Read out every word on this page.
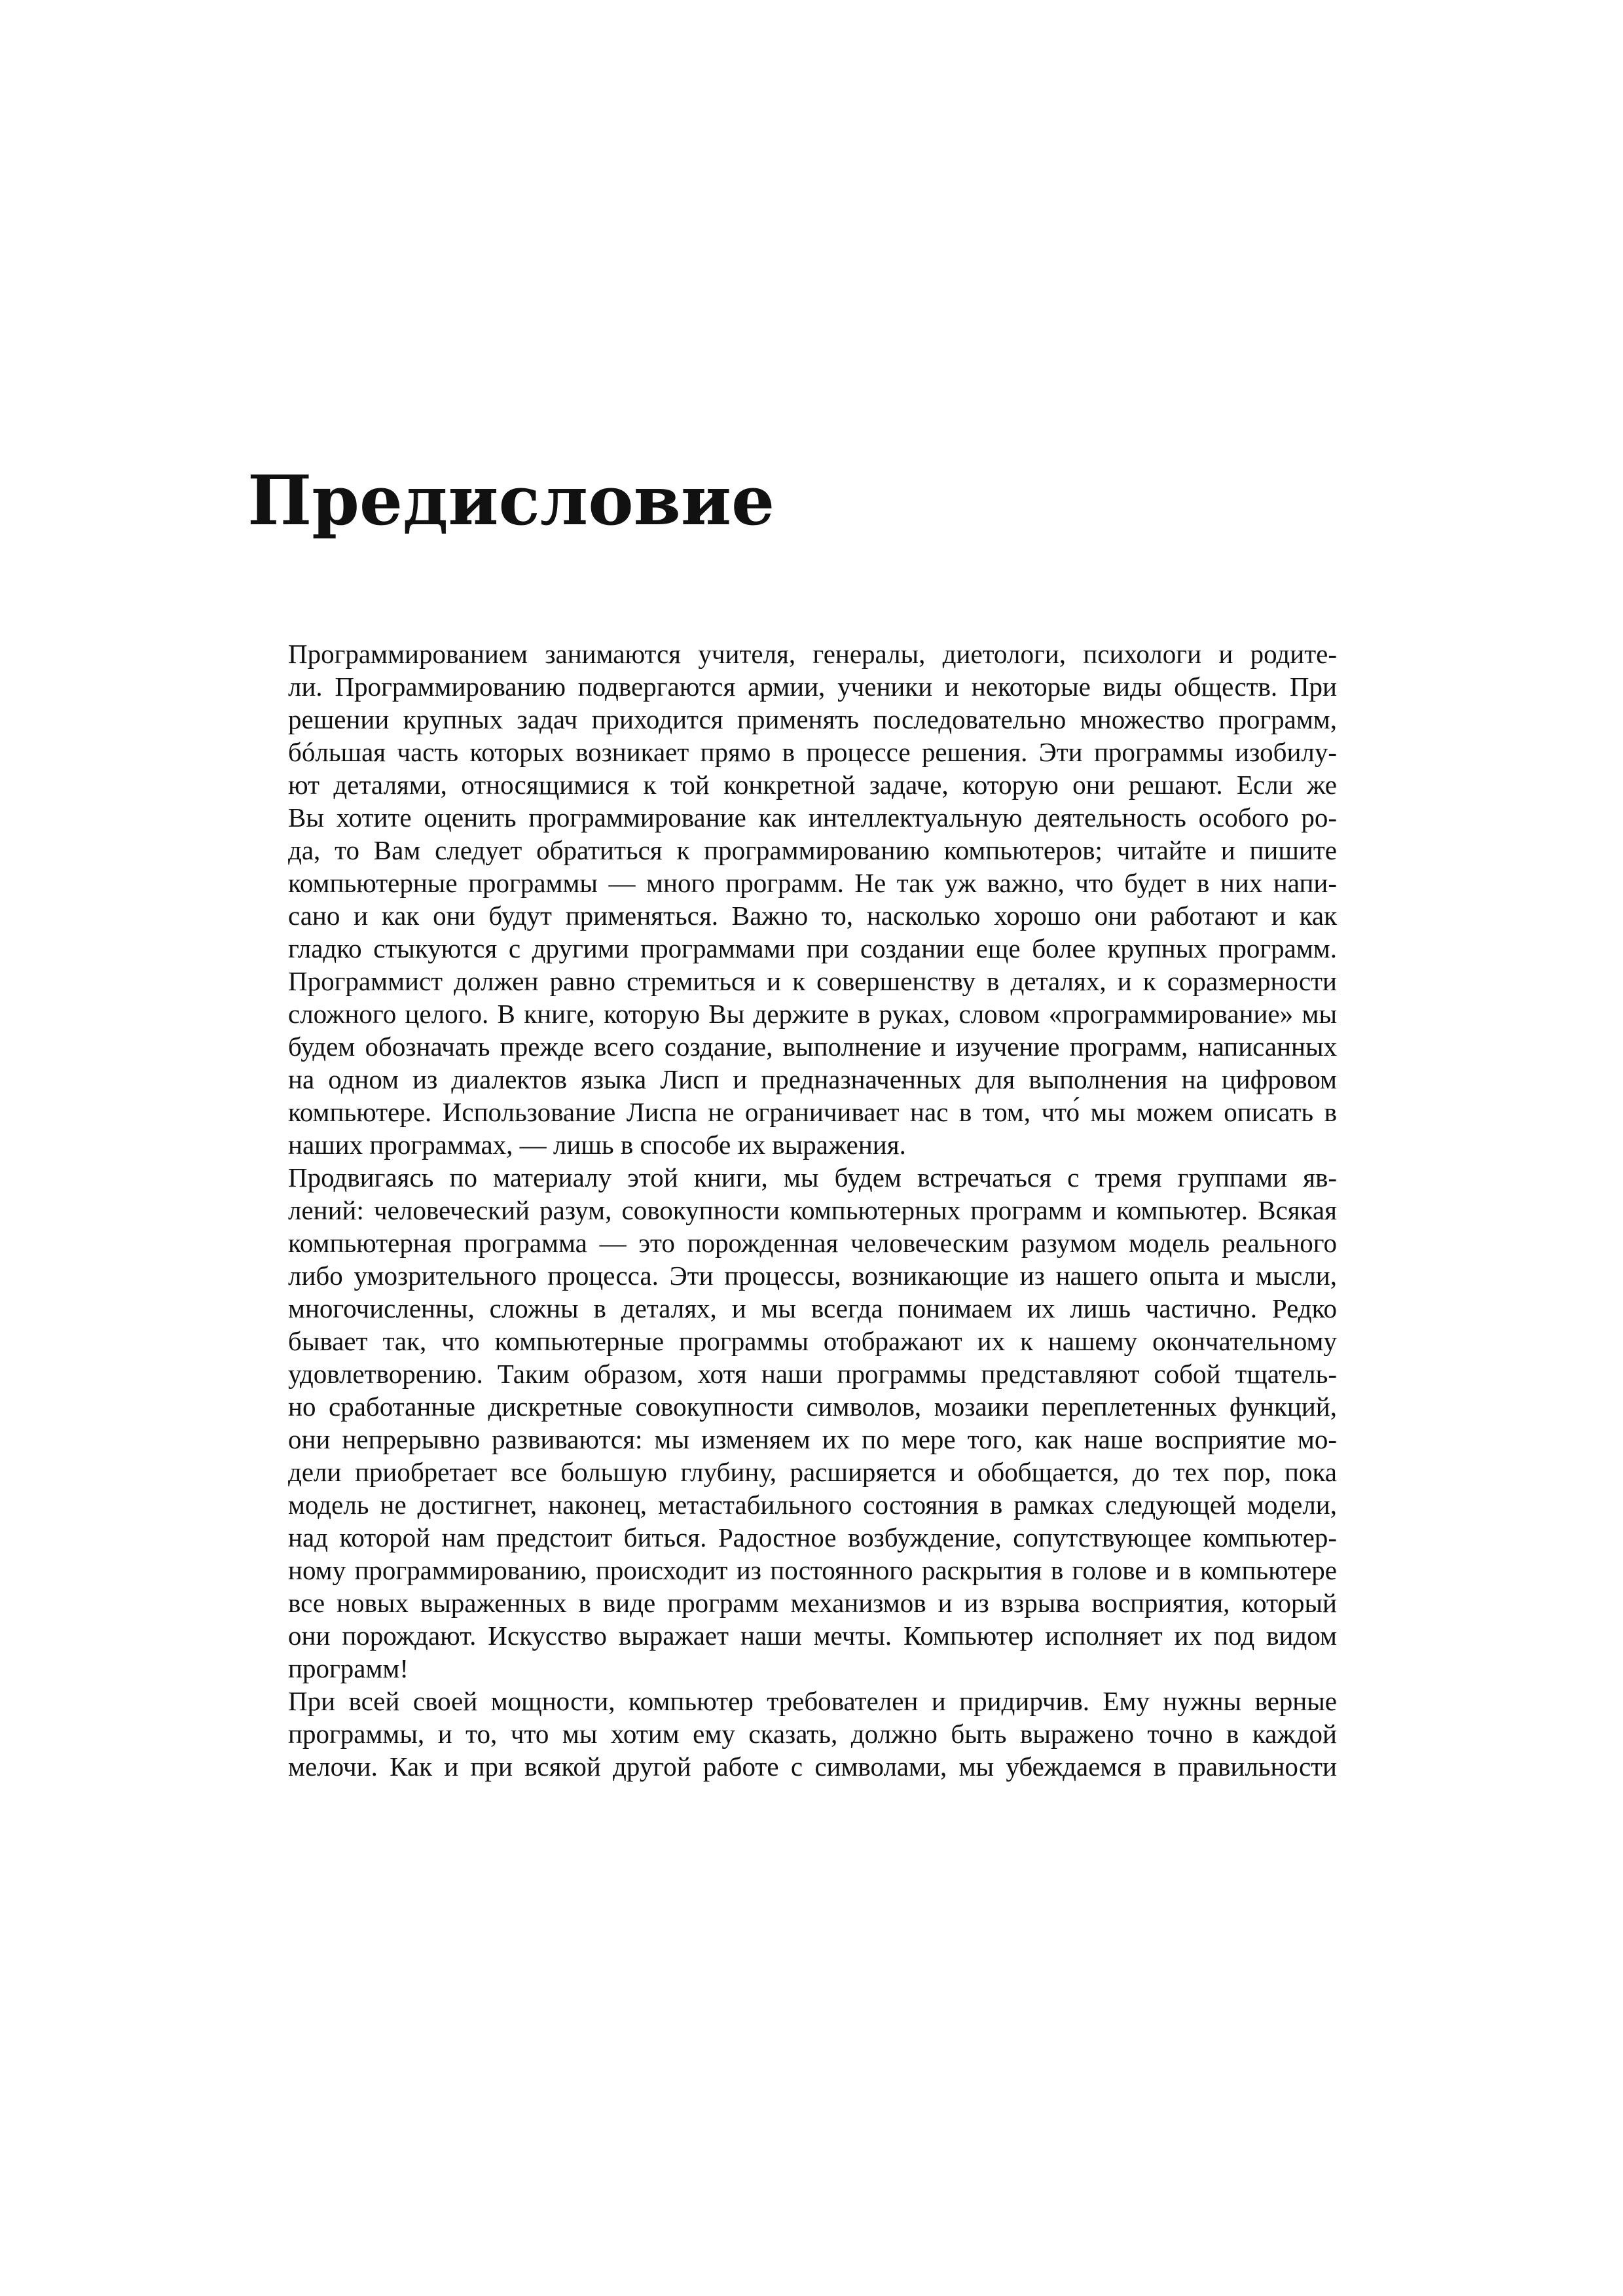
Предисловие

Программированием занимаются учителя, генералы, диетологи, психологи и родите-
ли. Программированию подвергаются армии, ученики и некоторые виды обществ. При
решении крупных задач приходится применять последовательно множество программ,
бóльшая часть которых возникает прямо в процессе решения. Эти программы изобилу-
ют деталями, относящимися к той конкретной задаче, которую они решают. Если же
Вы хотите оценить программирование как интеллектуальную деятельность особого ро-
да, то Вам следует обратиться к программированию компьютеров; читайте и пишите
компьютерные программы — много программ. Не так уж важно, что будет в них напи-
сано и как они будут применяться. Важно то, насколько хорошо они работают и как
гладко стыкуются с другими программами при создании еще более крупных программ.
Программист должен равно стремиться и к совершенству в деталях, и к соразмерности
сложного целого. В книге, которую Вы держите в руках, словом «программирование» мы
будем обозначать прежде всего создание, выполнение и изучение программ, написанных
на одном из диалектов языка Лисп и предназначенных для выполнения на цифровом
компьютере. Использование Лиспа не ограничивает нас в том, что́ мы можем описать в
наших программах, — лишь в способе их выражения.

Продвигаясь по материалу этой книги, мы будем встречаться с тремя группами яв-
лений: человеческий разум, совокупности компьютерных программ и компьютер. Всякая
компьютерная программа — это порожденная человеческим разумом модель реального
либо умозрительного процесса. Эти процессы, возникающие из нашего опыта и мысли,
многочисленны, сложны в деталях, и мы всегда понимаем их лишь частично. Редко
бывает так, что компьютерные программы отображают их к нашему окончательному
удовлетворению. Таким образом, хотя наши программы представляют собой тщатель-
но сработанные дискретные совокупности символов, мозаики переплетенных функций,
они непрерывно развиваются: мы изменяем их по мере того, как наше восприятие мо-
дели приобретает все большую глубину, расширяется и обобщается, до тех пор, пока
модель не достигнет, наконец, метастабильного состояния в рамках следующей модели,
над которой нам предстоит биться. Радостное возбуждение, сопутствующее компьютер-
ному программированию, происходит из постоянного раскрытия в голове и в компьютере
все новых выраженных в виде программ механизмов и из взрыва восприятия, который
они порождают. Искусство выражает наши мечты. Компьютер исполняет их под видом
программ!

При всей своей мощности, компьютер требователен и придирчив. Ему нужны верные
программы, и то, что мы хотим ему сказать, должно быть выражено точно в каждой
мелочи. Как и при всякой другой работе с символами, мы убеждаемся в правильности
